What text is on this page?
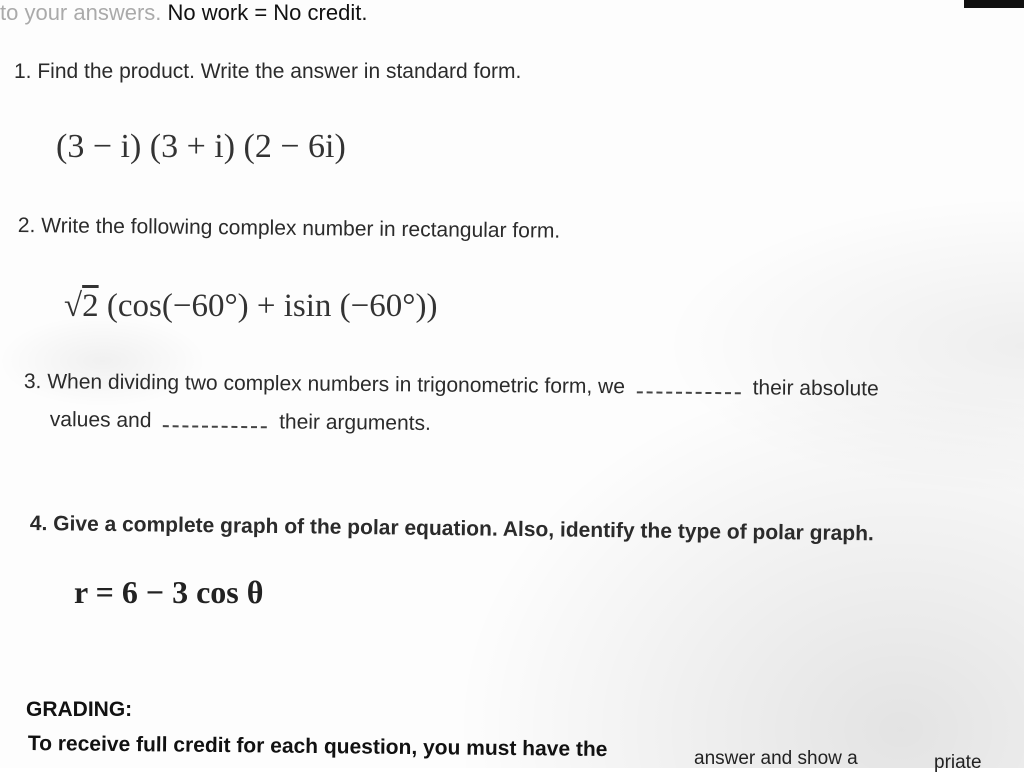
to your answers. No work = No credit.
1. Find the product. Write the answer in standard form.
(3 − i) (3 + i) (2 − 6i)
2. Write the following complex number in rectangular form.
√2 (cos(−60°) + isin (−60°))
3. When dividing two complex numbers in trigonometric form, we	their absolute
values and	their arguments.
4. Give a complete graph of the polar equation. Also, identify the type of polar graph.
r = 6 − 3 cos θ
GRADING:
To receive full credit for each question, you must have the	answer and show a	priate
